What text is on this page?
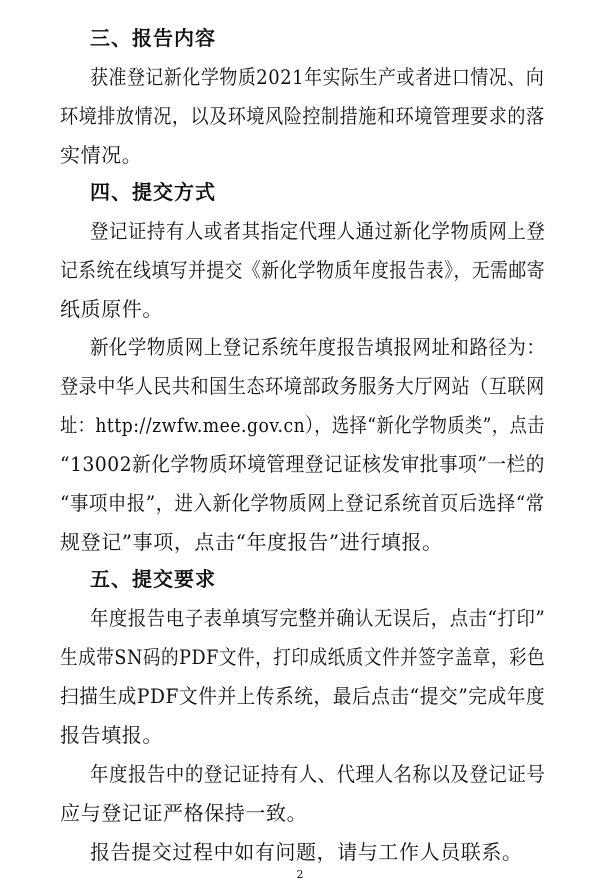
三、报告内容
获准登记新化学物质2021年实际生产或者进口情况、向
环境排放情况，以及环境风险控制措施和环境管理要求的落
实情况。
四、提交方式
登记证持有人或者其指定代理人通过新化学物质网上登
记系统在线填写并提交《新化学物质年度报告表》，无需邮寄
纸质原件。
新化学物质网上登记系统年度报告填报网址和路径为：
登录中华人民共和国生态环境部政务服务大厅网站（互联网
址：http://zwfw.mee.gov.cn），选择“新化学物质类”，点击
“13002新化学物质环境管理登记证核发审批事项”一栏的
“事项申报”，进入新化学物质网上登记系统首页后选择“常
规登记”事项，点击“年度报告”进行填报。
五、提交要求
年度报告电子表单填写完整并确认无误后，点击“打印”
生成带SN码的PDF文件，打印成纸质文件并签字盖章，彩色
扫描生成PDF文件并上传系统，最后点击“提交”完成年度
报告填报。
年度报告中的登记证持有人、代理人名称以及登记证号
应与登记证严格保持一致。
报告提交过程中如有问题，请与工作人员联系。
2
